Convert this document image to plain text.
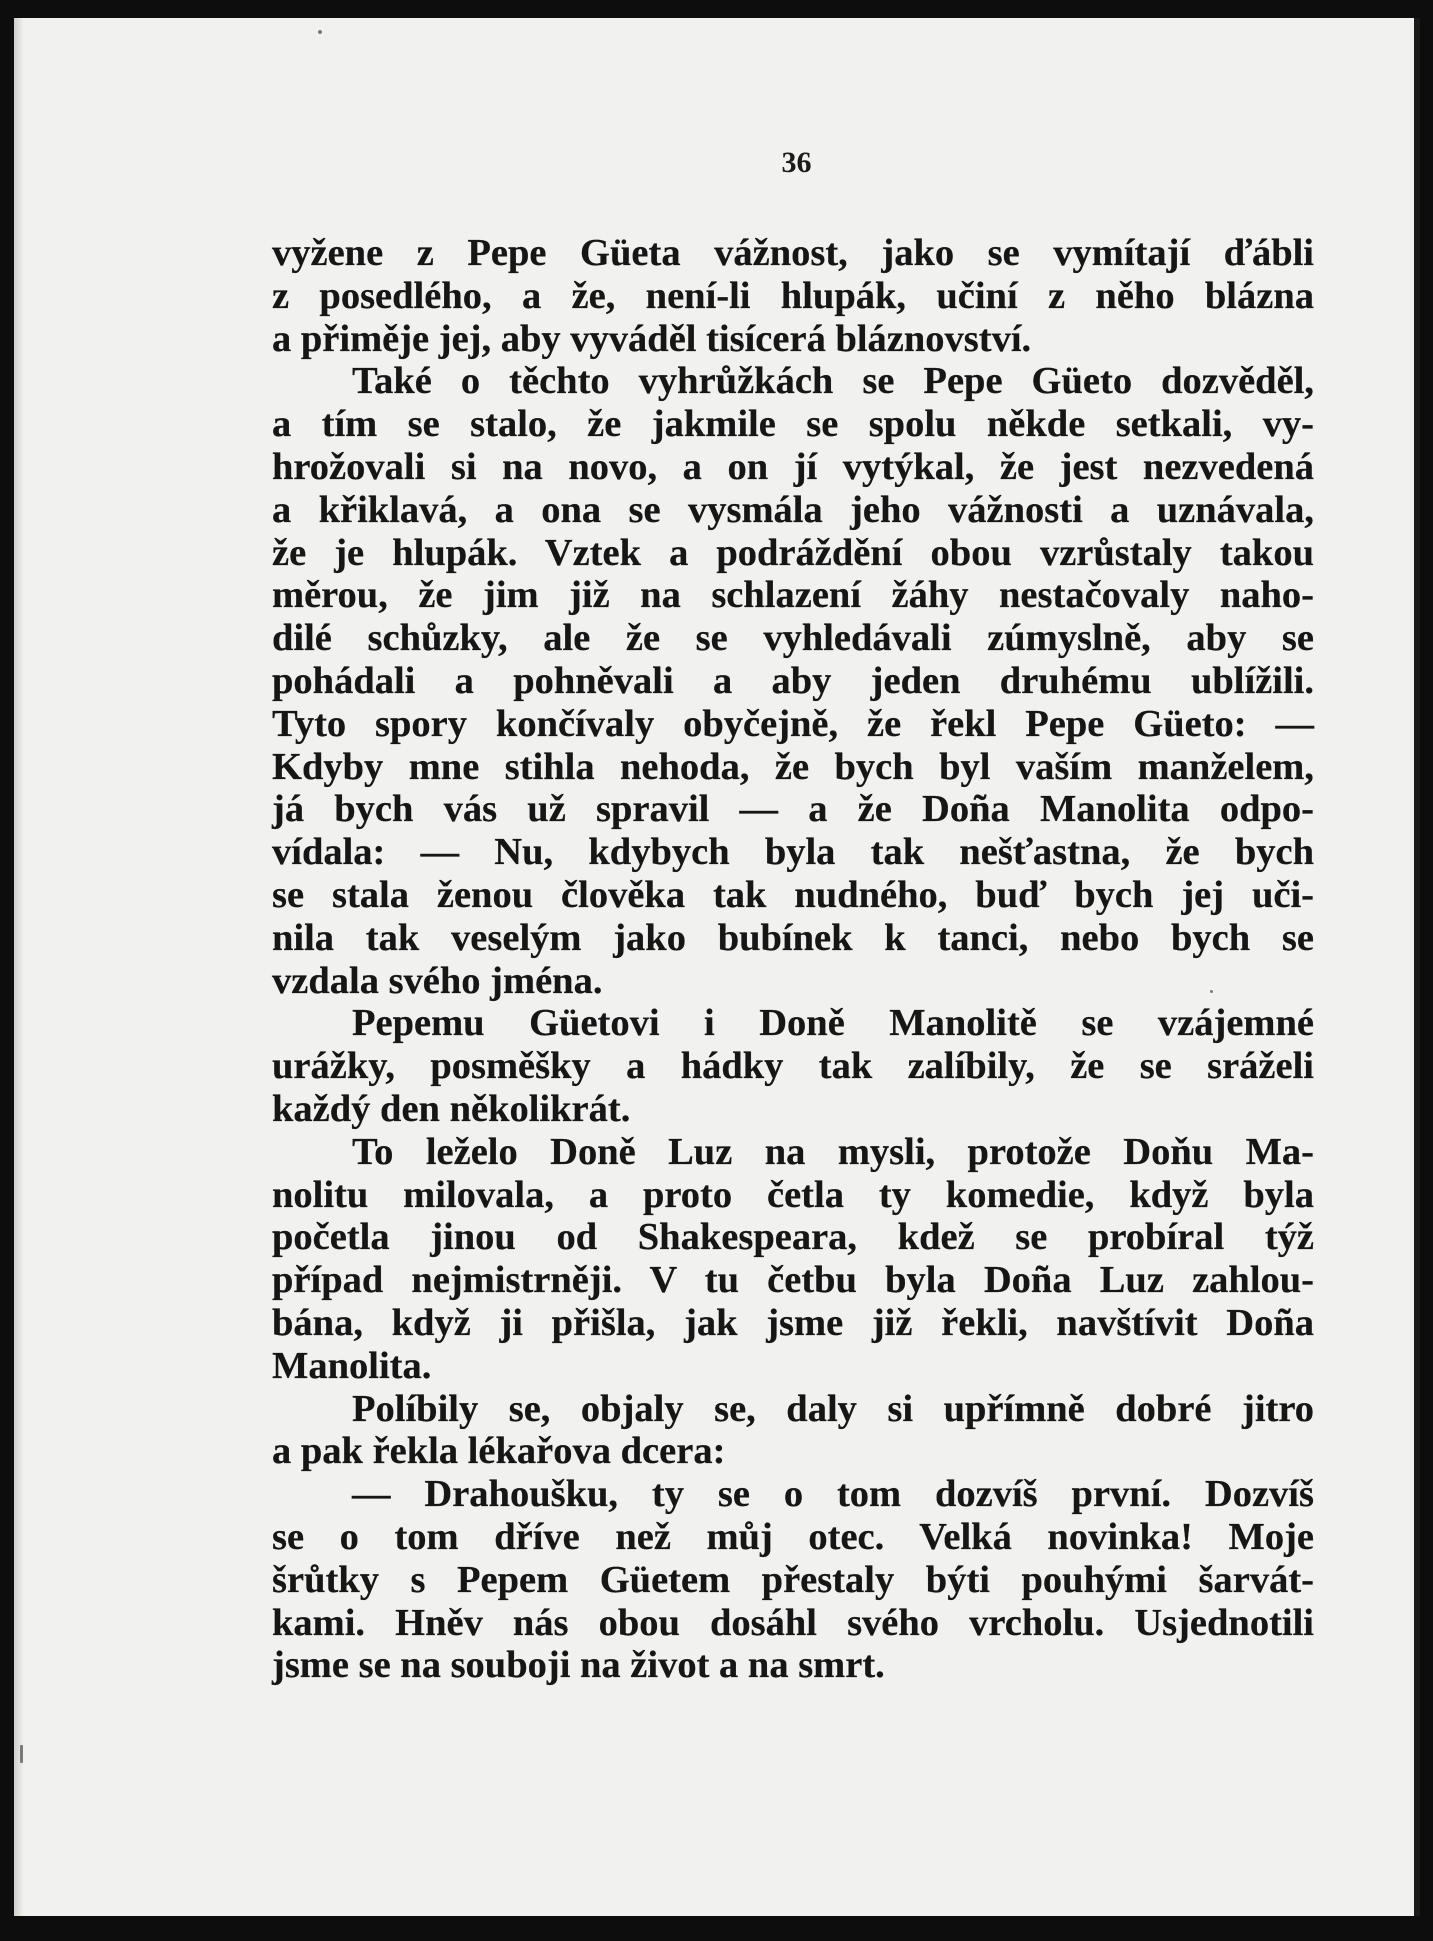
36
vyžene z Pepe Güeta vážnost, jako se vymítají ďábli
z posedlého, a že, není-li hlupák, učiní z něho blázna
a přiměje jej, aby vyváděl tisícerá bláznovství.
Také o těchto vyhrůžkách se Pepe Güeto dozvěděl,
a tím se stalo, že jakmile se spolu někde setkali, vy-
hrožovali si na novo, a on jí vytýkal, že jest nezvedená
a křiklavá, a ona se vysmála jeho vážnosti a uznávala,
že je hlupák. Vztek a podráždění obou vzrůstaly takou
měrou, že jim již na schlazení žáhy nestačovaly naho-
dilé schůzky, ale že se vyhledávali zúmyslně, aby se
pohádali a pohněvali a aby jeden druhému ublížili.
Tyto spory končívaly obyčejně, že řekl Pepe Güeto: —
Kdyby mne stihla nehoda, že bych byl vaším manželem,
já bych vás už spravil — a že Doña Manolita odpo-
vídala: — Nu, kdybych byla tak nešťastna, že bych
se stala ženou člověka tak nudného, buď bych jej uči-
nila tak veselým jako bubínek k tanci, nebo bych se
vzdala svého jména.
Pepemu Güetovi i Doně Manolitě se vzájemné
urážky, posměšky a hádky tak zalíbily, že se sráželi
každý den několikrát.
To leželo Doně Luz na mysli, protože Doňu Ma-
nolitu milovala, a proto četla ty komedie, když byla
početla jinou od Shakespeara, kdež se probíral týž
případ nejmistrněji. V tu četbu byla Doña Luz zahlou-
bána, když ji přišla, jak jsme již řekli, navštívit Doña
Manolita.
Políbily se, objaly se, daly si upřímně dobré jitro
a pak řekla lékařova dcera:
— Drahoušku, ty se o tom dozvíš první. Dozvíš
se o tom dříve než můj otec. Velká novinka! Moje
šrůtky s Pepem Güetem přestaly býti pouhými šarvát-
kami. Hněv nás obou dosáhl svého vrcholu. Usjednotili
jsme se na souboji na život a na smrt.
